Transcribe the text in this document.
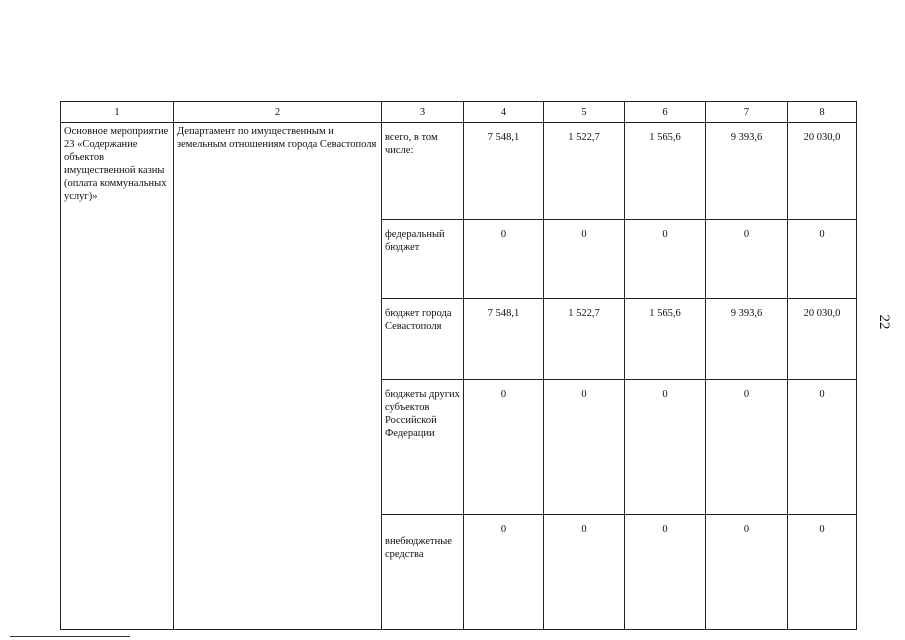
22
1	2	3	4	5	6	7	8
Основное мероприятие 23 «Содержание объектов имущественной казны (оплата коммунальных услуг)»	Департамент по имущественным и земельным отношениям города Севастополя	всего, в том числе:	7 548,1	1 522,7	1 565,6	9 393,6	20 030,0
		федеральный бюджет	0	0	0	0	0
		бюджет города Севастополя	7 548,1	1 522,7	1 565,6	9 393,6	20 030,0
		бюджеты других субъектов Российской Федерации	0	0	0	0	0
		внебюджетные средства	0	0	0	0	0
